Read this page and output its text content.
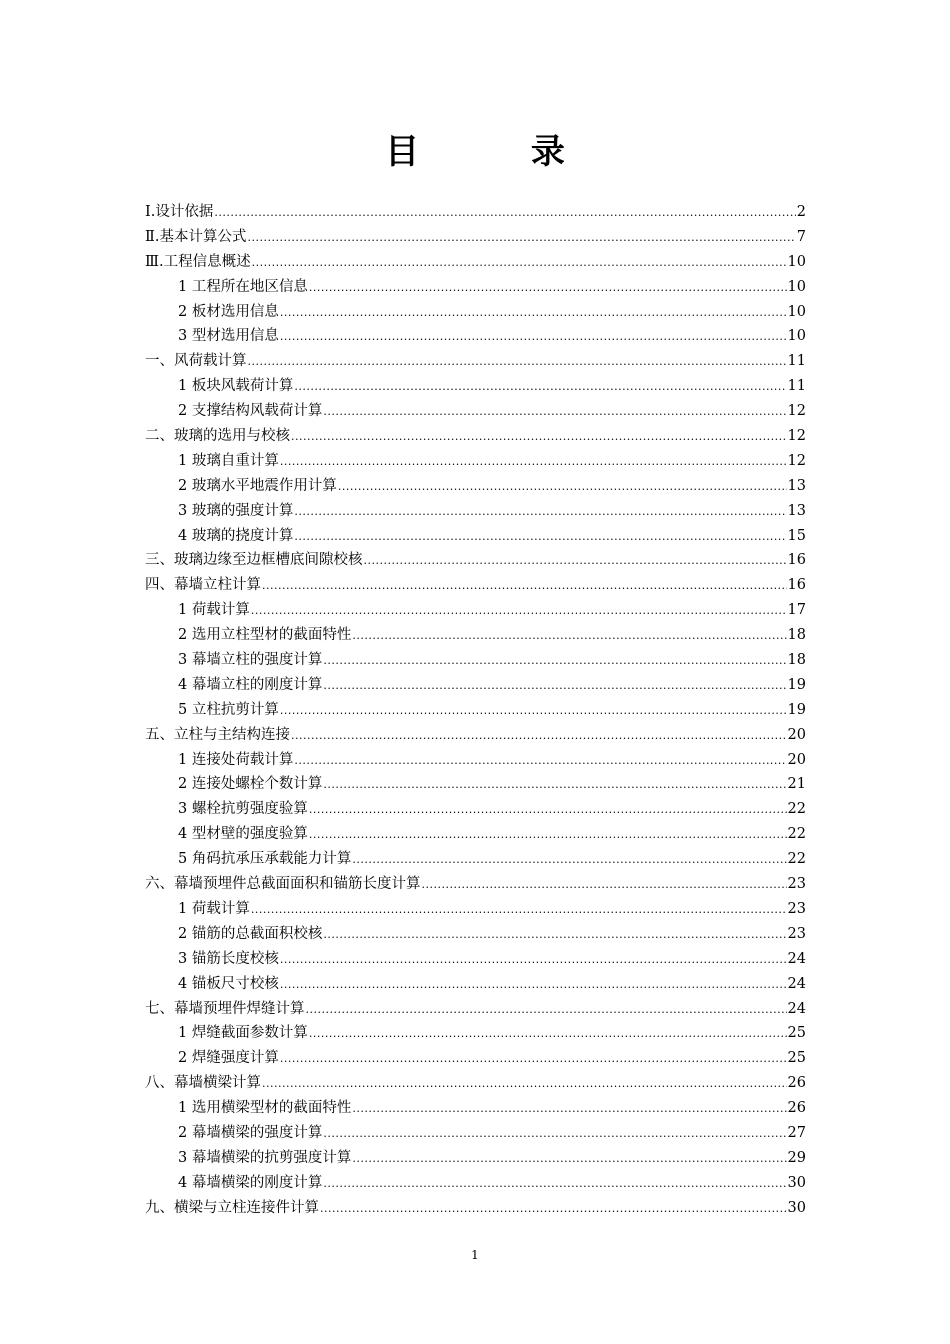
目 录
Ⅰ.设计依据 .....	2
Ⅱ.基本计算公式 .....	7
Ⅲ.工程信息概述 .....	10
1 工程所在地区信息 .....	10
2 板材选用信息 .....	10
3 型材选用信息 .....	10
一、风荷载计算 .....	11
1 板块风载荷计算 .....	11
2 支撑结构风载荷计算 .....	12
二、玻璃的选用与校核 .....	12
1 玻璃自重计算 .....	12
2 玻璃水平地震作用计算 .....	13
3 玻璃的强度计算 .....	13
4 玻璃的挠度计算 .....	15
三、玻璃边缘至边框槽底间隙校核 .....	16
四、幕墙立柱计算 .....	16
1 荷载计算 .....	17
2 选用立柱型材的截面特性 .....	18
3 幕墙立柱的强度计算 .....	18
4 幕墙立柱的刚度计算 .....	19
5 立柱抗剪计算 .....	19
五、立柱与主结构连接 .....	20
1 连接处荷载计算 .....	20
2 连接处螺栓个数计算 .....	21
3 螺栓抗剪强度验算 .....	22
4 型材壁的强度验算 .....	22
5 角码抗承压承载能力计算 .....	22
六、幕墙预埋件总截面面积和锚筋长度计算 .....	23
1 荷载计算 .....	23
2 锚筋的总截面积校核 .....	23
3 锚筋长度校核 .....	24
4 锚板尺寸校核 .....	24
七、幕墙预埋件焊缝计算 .....	24
1 焊缝截面参数计算 .....	25
2 焊缝强度计算 .....	25
八、幕墙横梁计算 .....	26
1 选用横梁型材的截面特性 .....	26
2 幕墙横梁的强度计算 .....	27
3 幕墙横梁的抗剪强度计算 .....	29
4 幕墙横梁的刚度计算 .....	30
九、横梁与立柱连接件计算 .....	30
1
